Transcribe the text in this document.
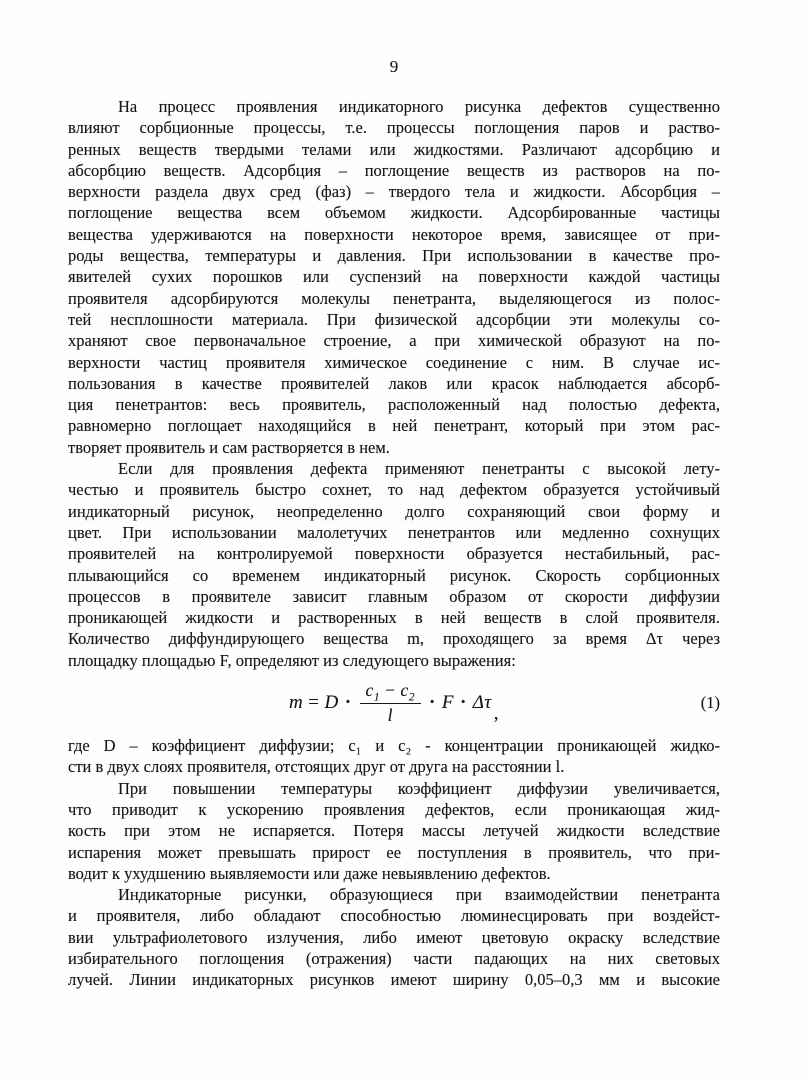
9
На процесс проявления индикаторного рисунка дефектов существенно
влияют сорбционные процессы, т.е. процессы поглощения паров и раство-
ренных веществ твердыми телами или жидкостями. Различают адсорбцию и
абсорбцию веществ. Адсорбция – поглощение веществ из растворов на по-
верхности раздела двух сред (фаз) – твердого тела и жидкости. Абсорбция –
поглощение вещества всем объемом жидкости. Адсорбированные частицы
вещества удерживаются на поверхности некоторое время, зависящее от при-
роды вещества, температуры и давления. При использовании в качестве про-
явителей сухих порошков или суспензий на поверхности каждой частицы
проявителя адсорбируются молекулы пенетранта, выделяющегося из полос-
тей несплошности материала. При физической адсорбции эти молекулы со-
храняют свое первоначальное строение, а при химической образуют на по-
верхности частиц проявителя химическое соединение с ним. В случае ис-
пользования в качестве проявителей лаков или красок наблюдается абсорб-
ция пенетрантов: весь проявитель, расположенный над полостью дефекта,
равномерно поглощает находящийся в ней пенетрант, который при этом рас-
творяет проявитель и сам растворяется в нем.
Если для проявления дефекта применяют пенетранты с высокой лету-
честью и проявитель быстро сохнет, то над дефектом образуется устойчивый
индикаторный рисунок, неопределенно долго сохраняющий свои форму и
цвет. При использовании малолетучих пенетрантов или медленно сохнущих
проявителей на контролируемой поверхности образуется нестабильный, рас-
плывающийся со временем индикаторный рисунок. Скорость сорбционных
процессов в проявителе зависит главным образом от скорости диффузии
проникающей жидкости и растворенных в ней веществ в слой проявителя.
Количество диффундирующего вещества m, проходящего за время Δτ через
площадку площадью F, определяют из следующего выражения:
$m = D \cdot \frac{c_1 - c_2}{l} \cdot F \cdot \Delta\tau$
,
(1)
где D – коэффициент диффузии; с₁ и с₂ - концентрации проникающей жидко-
сти в двух слоях проявителя, отстоящих друг от друга на расстоянии l.
При повышении температуры коэффициент диффузии увеличивается,
что приводит к ускорению проявления дефектов, если проникающая жид-
кость при этом не испаряется. Потеря массы летучей жидкости вследствие
испарения может превышать прирост ее поступления в проявитель, что при-
водит к ухудшению выявляемости или даже невыявлению дефектов.
Индикаторные рисунки, образующиеся при взаимодействии пенетранта
и проявителя, либо обладают способностью люминесцировать при воздейст-
вии ультрафиолетового излучения, либо имеют цветовую окраску вследствие
избирательного поглощения (отражения) части падающих на них световых
лучей. Линии индикаторных рисунков имеют ширину 0,05–0,3 мм и высокие
